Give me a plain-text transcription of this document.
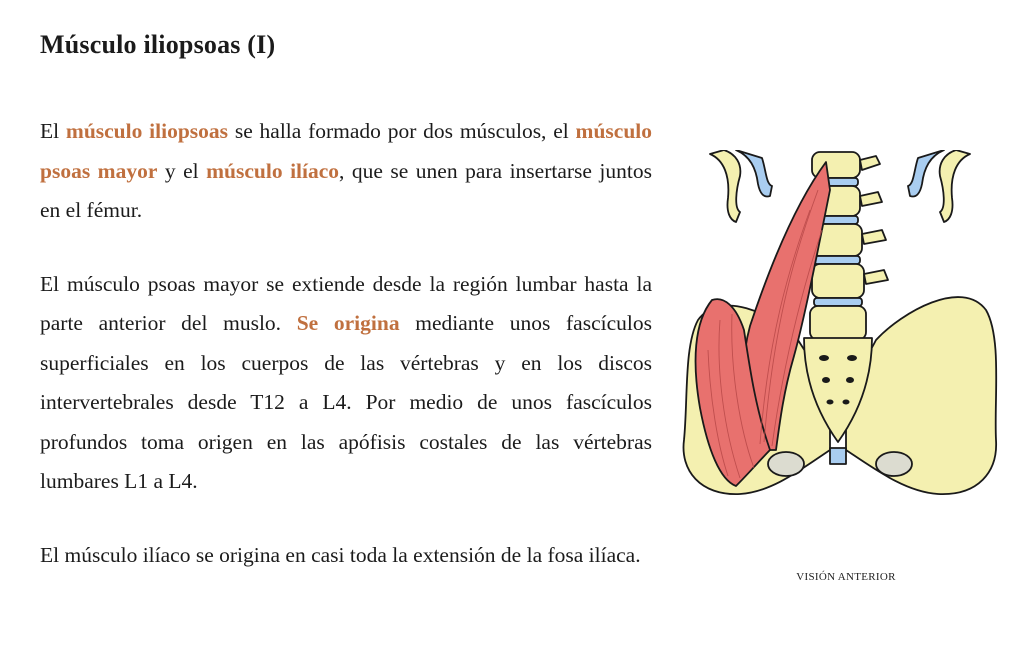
Músculo iliopsoas (I)

El músculo iliopsoas se halla formado por dos músculos, el músculo psoas mayor y el músculo ilíaco, que se unen para insertarse juntos en el fémur.

El músculo psoas mayor se extiende desde la región lumbar hasta la parte anterior del muslo. Se origina mediante unos fascículos superficiales en los cuerpos de las vértebras y en los discos intervertebrales desde T12 a L4. Por medio de unos fascículos profundos toma origen en las apófisis costales de las vértebras lumbares L1 a L4.

El músculo ilíaco se origina en casi toda la extensión de la fosa ilíaca.

VISIÓN ANTERIOR
